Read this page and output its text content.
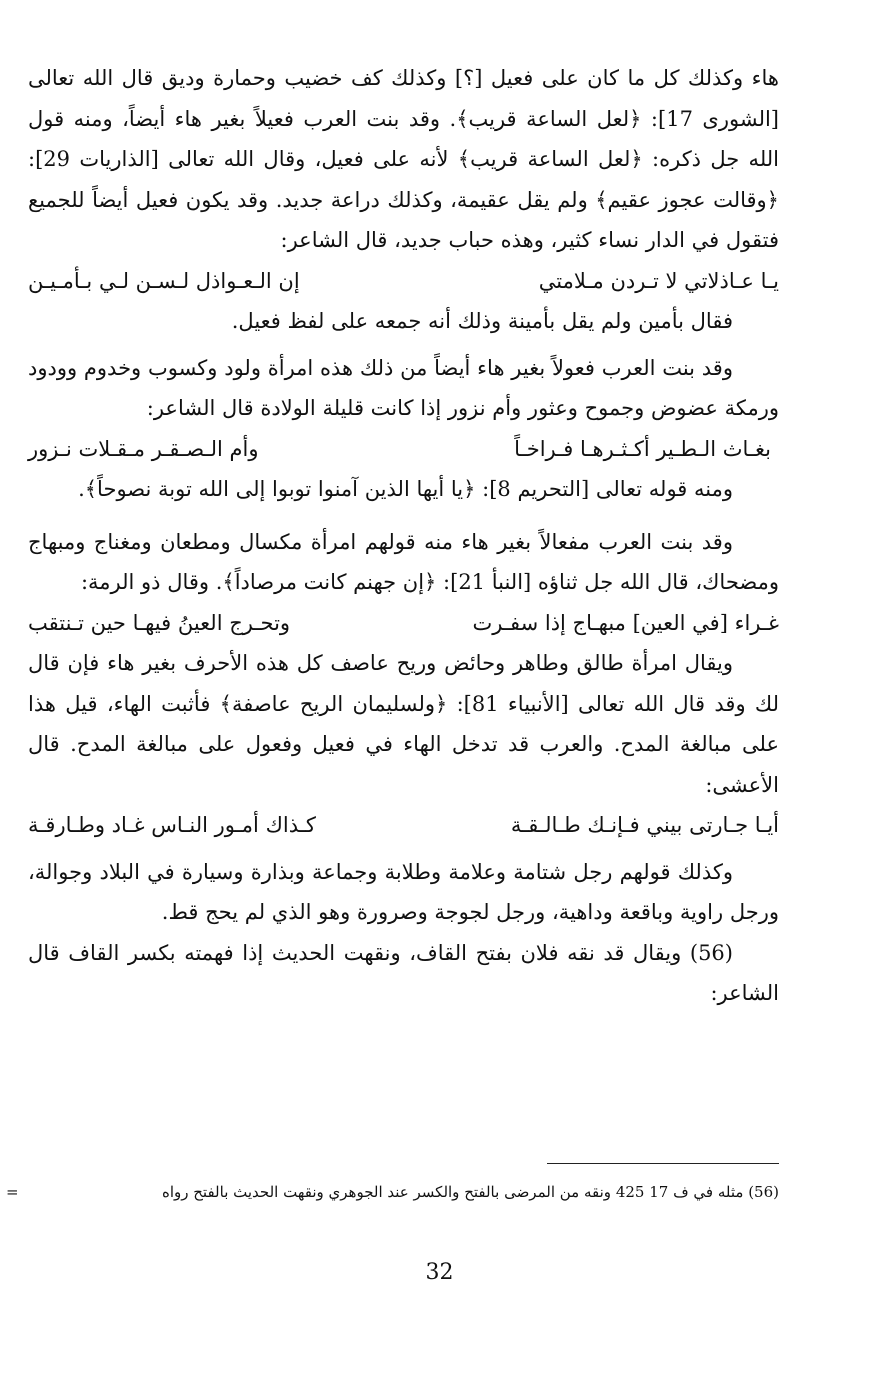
هاء وكذلك كل ما كان على فعيل [؟] وكذلك كف خضيب وحمارة وديق قال الله تعالى [الشورى 17]: ﴿لعل الساعة قريب﴾. وقد بنت العرب فعيلاً بغير هاء أيضاً، ومنه قول الله جل ذكره: ﴿لعل الساعة قريب﴾ لأنه على فعيل، وقال الله تعالى [الذاريات 29]: ﴿وقالت عجوز عقيم﴾ ولم يقل عقيمة، وكذلك دراعة جديد. وقد يكون فعيل أيضاً للجميع فتقول في الدار نساء كثير، وهذه حباب جديد، قال الشاعر:

يـا عـاذلاتي لا تـردن مـلامتي
إن الـعـواذل لـسـن لـي بـأمـيـن

فقال بأمين ولم يقل بأمينة وذلك أنه جمعه على لفظ فعيل.

وقد بنت العرب فعولاً بغير هاء أيضاً من ذلك هذه امرأة ولود وكسوب وخدوم وودود ورمكة عضوض وجموح وعثور وأم نزور إذا كانت قليلة الولادة قال الشاعر:

بغـاث الـطـير أكـثـرهـا فـراخـاً
وأم الـصـقـر مـقـلات نـزور

ومنه قوله تعالى [التحريم 8]: ﴿يا أيها الذين آمنوا توبوا إلى الله توبة نصوحاً﴾.

وقد بنت العرب مفعالاً بغير هاء منه قولهم امرأة مكسال ومطعان ومغناج ومبهاج ومضحاك، قال الله جل ثناؤه [النبأ 21]: ﴿إن جهنم كانت مرصاداً﴾. وقال ذو الرمة:

غـراء [في العين] مبهـاج إذا سفـرت
وتحـرج العينُ فيهـا حين تـنتقب

ويقال امرأة طالق وطاهر وحائض وريح عاصف كل هذه الأحرف بغير هاء فإن قال لك وقد قال الله تعالى [الأنبياء 81]: ﴿ولسليمان الريح عاصفة﴾ فأثبت الهاء، قيل هذا على مبالغة المدح. والعرب قد تدخل الهاء في فعيل وفعول على مبالغة المدح. قال الأعشى:

أيـا جـارتى بيني فـإنـك طـالـقـة
كـذاك أمـور النـاس غـاد وطـارقـة

وكذلك قولهم رجل شتامة وعلامة وطلابة وجماعة وبذارة وسيارة في البلاد وجوالة، ورجل راوية وباقعة وداهية، ورجل لجوجة وصرورة وهو الذي لم يحج قط.

(56) ويقال قد نقه فلان بفتح القاف، ونقهت الحديث إذا فهمته بكسر القاف قال الشاعر:

(56) مثله في ف 17 425 ونقه من المرضى بالفتح والكسر عند الجوهري ونقهت الحديث بالفتح رواه
=
32
